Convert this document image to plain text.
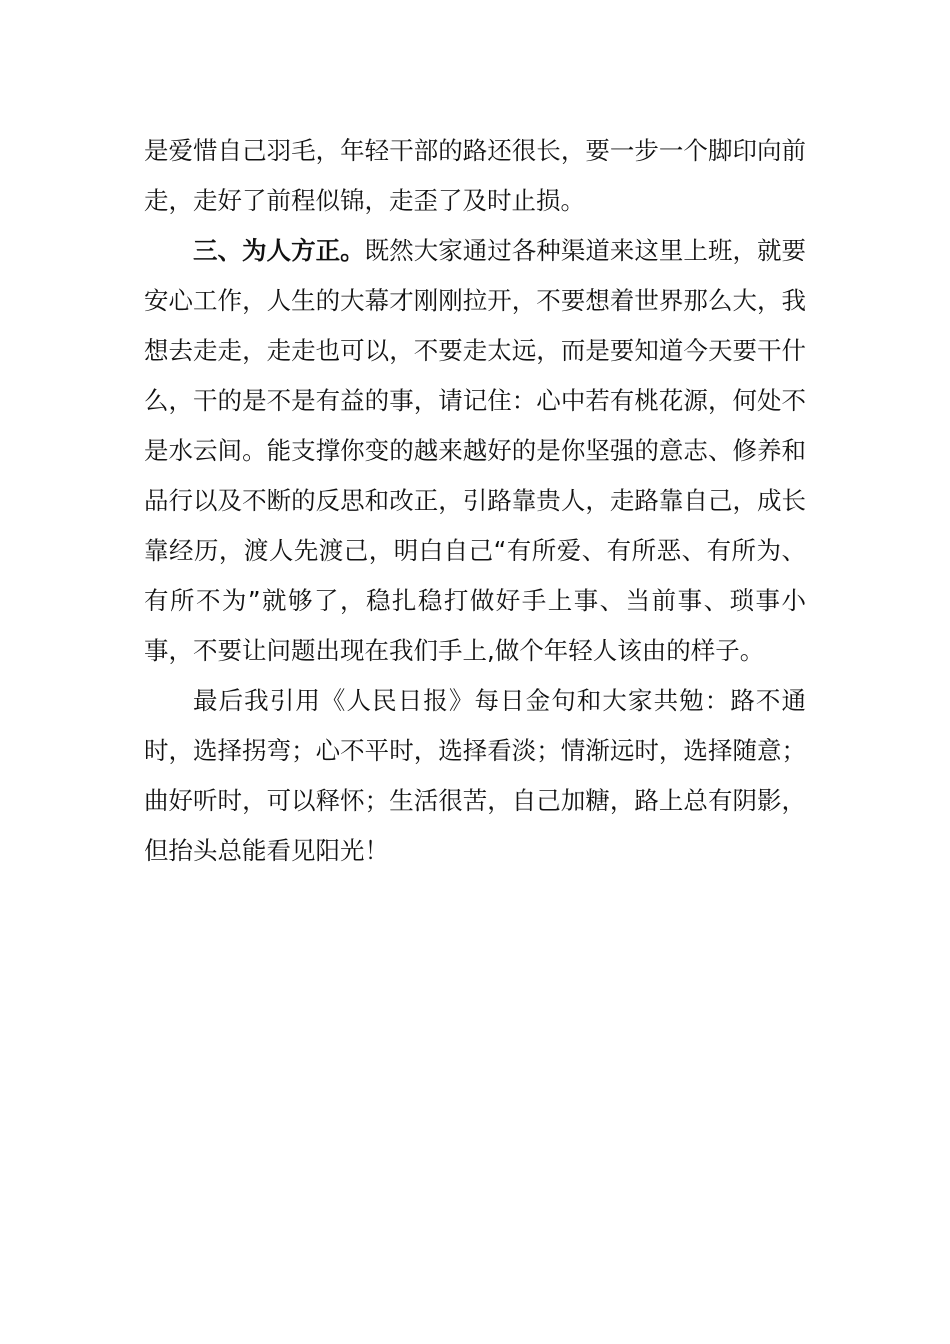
是爱惜自己羽毛，年轻干部的路还很长，要一步一个脚印向前走，走好了前程似锦，走歪了及时止损。

三、为人方正。既然大家通过各种渠道来这里上班，就要安心工作，人生的大幕才刚刚拉开，不要想着世界那么大，我想去走走，走走也可以，不要走太远，而是要知道今天要干什么，干的是不是有益的事，请记住：心中若有桃花源，何处不是水云间。能支撑你变的越来越好的是你坚强的意志、修养和品行以及不断的反思和改正，引路靠贵人，走路靠自己，成长靠经历，渡人先渡己，明白自己“有所爱、有所恶、有所为、有所不为”就够了，稳扎稳打做好手上事、当前事、琐事小事，不要让问题出现在我们手上,做个年轻人该由的样子。

最后我引用《人民日报》每日金句和大家共勉：路不通时，选择拐弯；心不平时，选择看淡；情渐远时，选择随意；曲好听时，可以释怀；生活很苦，自己加糖，路上总有阴影，但抬头总能看见阳光！
